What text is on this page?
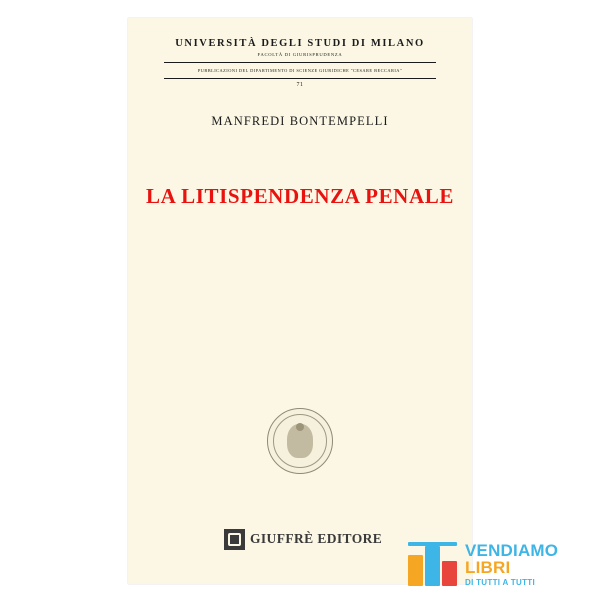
UNIVERSITÀ DEGLI STUDI DI MILANO
FACOLTÀ DI GIURISPRUDENZA
PUBBLICAZIONI DEL DIPARTIMENTO DI SCIENZE GIURIDICHE "CESARE BECCARIA"
71
MANFREDI BONTEMPELLI
LA LITISPENDENZA PENALE
GIUFFRÈ EDITORE
VENDIAMO
LIBRI
DI TUTTI A TUTTI
